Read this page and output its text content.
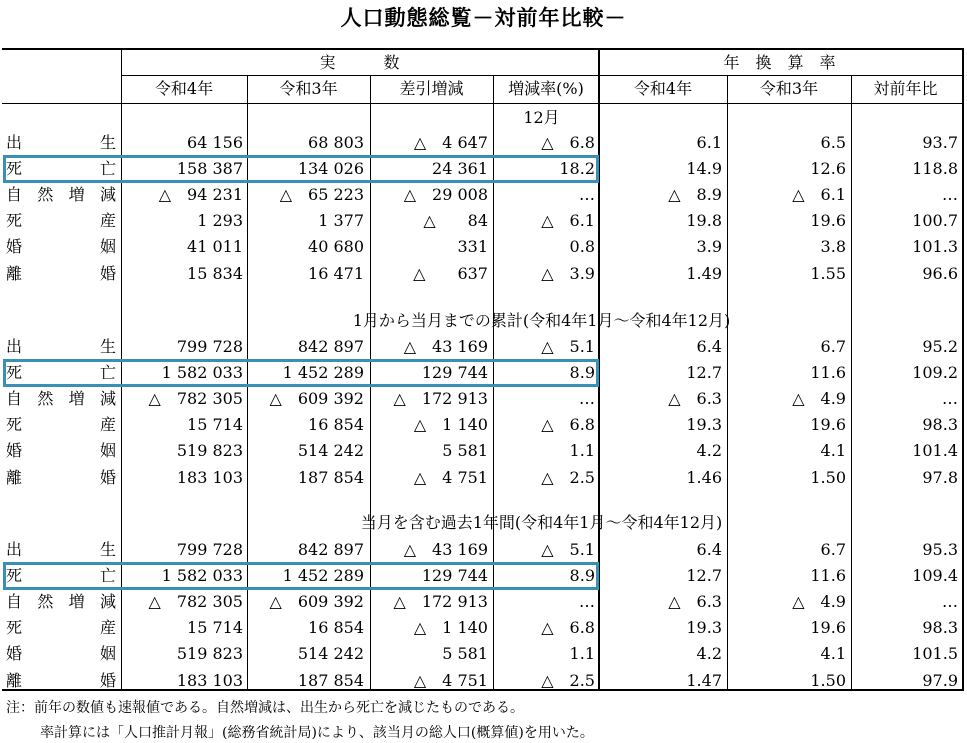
人口動態総覧－対前年比較－
実　　　数	年　換　算　率
令和4年	令和3年	差引増減	増減率(%)	令和4年	令和3年	対前年比
12月
出	生	64 156	68 803	△　4 647	△　6.8	6.1	6.5	93.7
死	亡	158 387	134 026	24 361	18.2	14.9	12.6	118.8
自 然 増 減	△　94 231	△　65 223	△　29 008	…	△　8.9	△　6.1	…
死	産	1 293	1 377	△　　84	△　6.1	19.8	19.6	100.7
婚	姻	41 011	40 680	331	0.8	3.9	3.8	101.3
離	婚	15 834	16 471	△　　637	△　3.9	1.49	1.55	96.6
1月から当月までの累計(令和4年1月～令和4年12月)
出	生	799 728	842 897	△　43 169	△　5.1	6.4	6.7	95.2
死	亡	1 582 033	1 452 289	129 744	8.9	12.7	11.6	109.2
自 然 増 減	△　782 305	△　609 392	△　172 913	…	△　6.3	△　4.9	…
死	産	15 714	16 854	△　1 140	△　6.8	19.3	19.6	98.3
婚	姻	519 823	514 242	5 581	1.1	4.2	4.1	101.4
離	婚	183 103	187 854	△　4 751	△　2.5	1.46	1.50	97.8
当月を含む過去1年間(令和4年1月～令和4年12月)
出	生	799 728	842 897	△　43 169	△　5.1	6.4	6.7	95.3
死	亡	1 582 033	1 452 289	129 744	8.9	12.7	11.6	109.4
自 然 増 減	△　782 305	△　609 392	△　172 913	…	△　6.3	△　4.9	…
死	産	15 714	16 854	△　1 140	△　6.8	19.3	19.6	98.3
婚	姻	519 823	514 242	5 581	1.1	4.2	4.1	101.5
離	婚	183 103	187 854	△　4 751	△　2.5	1.47	1.50	97.9
注：前年の数値も速報値である。自然増減は、出生から死亡を減じたものである。
率計算には「人口推計月報」(総務省統計局)により、該当月の総人口(概算値)を用いた。
